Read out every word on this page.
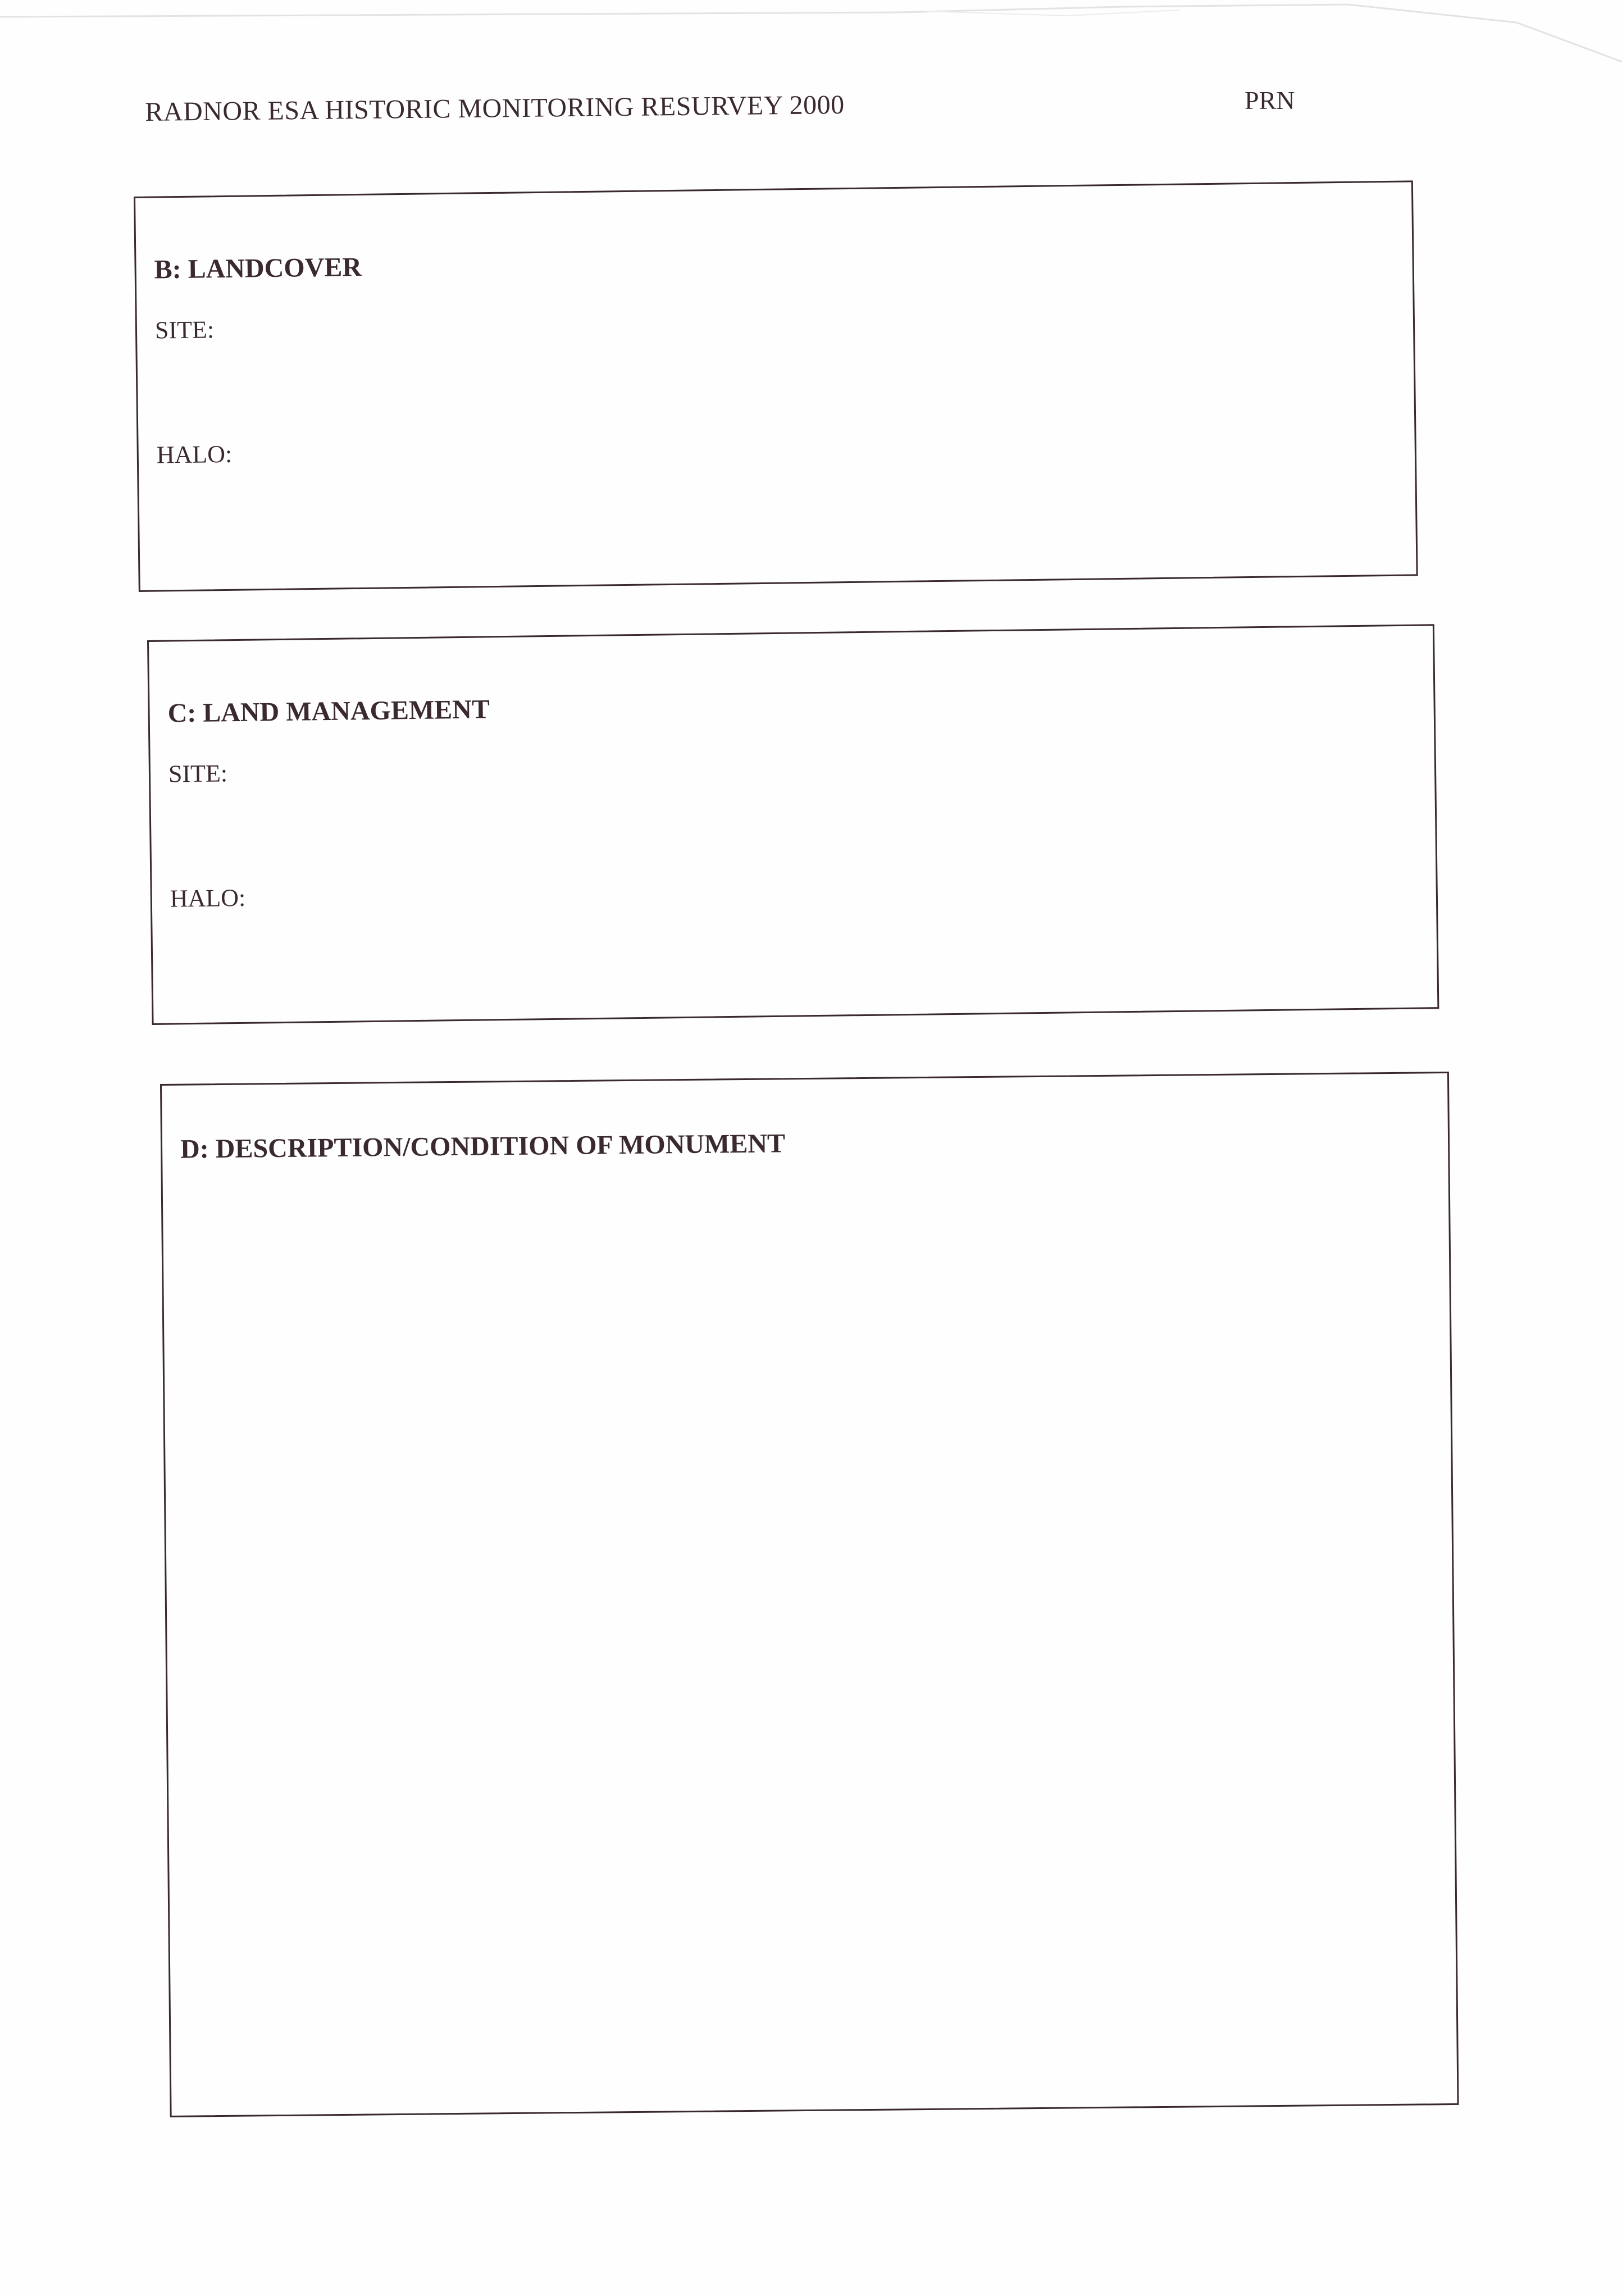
RADNOR ESA HISTORIC MONITORING RESURVEY 2000	PRN
B: LANDCOVER
SITE:
HALO:
C: LAND MANAGEMENT
SITE:
HALO:
D: DESCRIPTION/CONDITION OF MONUMENT
